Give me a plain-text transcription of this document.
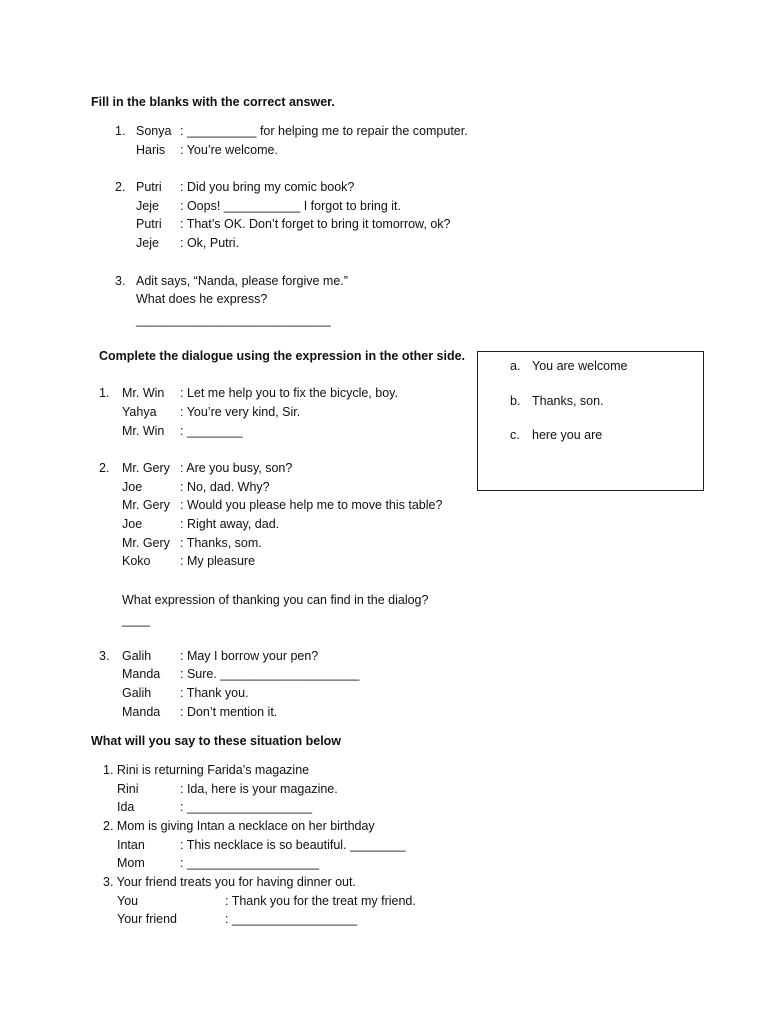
Fill in the blanks with the correct answer.
1. Sonya : __________ for helping me to repair the computer.
Haris : You’re welcome.
2. Putri : Did you bring my comic book?
Jeje : Oops! ___________ I forgot to bring it.
Putri : That’s OK. Don’t forget to bring it tomorrow, ok?
Jeje : Ok, Putri.
3. Adit says, “Nanda, please forgive me.”
What does he express?
____________________________
Complete the dialogue using the expression in the other side.
a. You are welcome
b. Thanks, son.
c. here you are
1. Mr. Win : Let me help you to fix the bicycle, boy.
Yahya : You’re very kind, Sir.
Mr. Win : ________
2. Mr. Gery : Are you busy, son?
Joe	: No, dad. Why?
Mr. Gery : Would you please help me to move this table?
Joe	: Right away, dad.
Mr. Gery : Thanks, som.
Koko : My pleasure
What expression of thanking you can find in the dialog?
____
3. Galih : May I borrow your pen?
Manda : Sure. ____________________
Galih : Thank you.
Manda : Don’t mention it.
What will you say to these situation below
1. Rini is returning Farida’s magazine
Rini	: Ida, here is your magazine.
Ida	: __________________
2. Mom is giving Intan a necklace on her birthday
Intan	: This necklace is so beautiful. ________
Mom	: ___________________
3. Your friend treats you for having dinner out.
You	: Thank you for the treat my friend.
Your friend	: __________________
